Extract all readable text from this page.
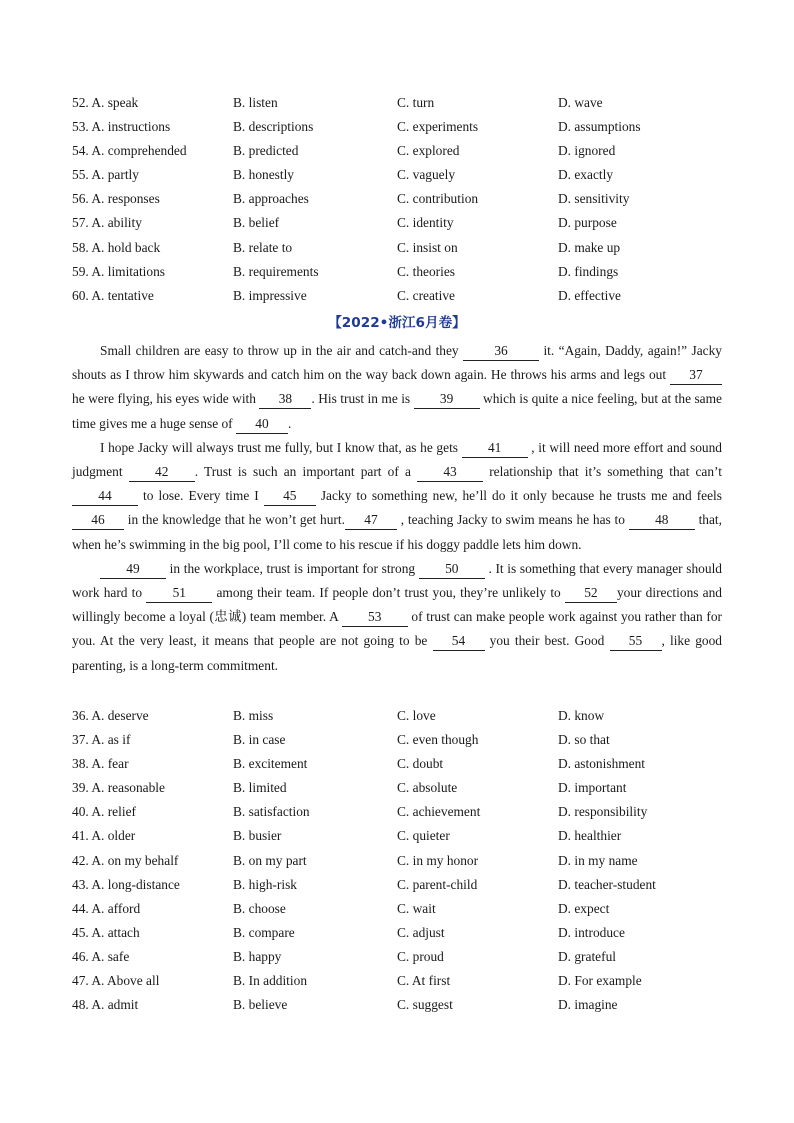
52. A. speak	B. listen	C. turn	D. wave
53. A. instructions	B. descriptions	C. experiments	D. assumptions
54. A. comprehended	B. predicted	C. explored	D. ignored
55. A. partly	B. honestly	C. vaguely	D. exactly
56. A. responses	B. approaches	C. contribution	D. sensitivity
57. A. ability	B. belief	C. identity	D. purpose
58. A. hold back	B. relate to	C. insist on	D. make up
59. A. limitations	B. requirements	C. theories	D. findings
60. A. tentative	B. impressive	C. creative	D. effective
【2022•浙江6月卷】

Small children are easy to throw up in the air and catch-and they 36 it. “Again, Daddy, again!” Jacky shouts as I throw him skywards and catch him on the way back down again. He throws his arms and legs out 37 he were flying, his eyes wide with 38 . His trust in me is 39 which is quite a nice feeling, but at the same time gives me a huge sense of 40 .

I hope Jacky will always trust me fully, but I know that, as he gets 41 , it will need more effort and sound judgment 42 . Trust is such an important part of a 43 relationship that it’s something that can’t 44 to lose. Every time I 45 Jacky to something new, he’ll do it only because he trusts me and feels 46 in the knowledge that he won’t get hurt. 47 , teaching Jacky to swim means he has to 48 that, when he’s swimming in the big pool, I’ll come to his rescue if his doggy paddle lets him down.

49 in the workplace, trust is important for strong 50 . It is something that every manager should work hard to 51 among their team. If people don’t trust you, they’re unlikely to 52 your directions and willingly become a loyal (忠诚) team member. A 53 of trust can make people work against you rather than for you. At the very least, it means that people are not going to be 54 you their best. Good 55 , like good parenting, is a long-term commitment.

36. A. deserve	B. miss	C. love	D. know
37. A. as if	B. in case	C. even though	D. so that
38. A. fear	B. excitement	C. doubt	D. astonishment
39. A. reasonable	B. limited	C. absolute	D. important
40. A. relief	B. satisfaction	C. achievement	D. responsibility
41. A. older	B. busier	C. quieter	D. healthier
42. A. on my behalf	B. on my part	C. in my honor	D. in my name
43. A. long-distance	B. high-risk	C. parent-child	D. teacher-student
44. A. afford	B. choose	C. wait	D. expect
45. A. attach	B. compare	C. adjust	D. introduce
46. A. safe	B. happy	C. proud	D. grateful
47. A. Above all	B. In addition	C. At first	D. For example
48. A. admit	B. believe	C. suggest	D. imagine
